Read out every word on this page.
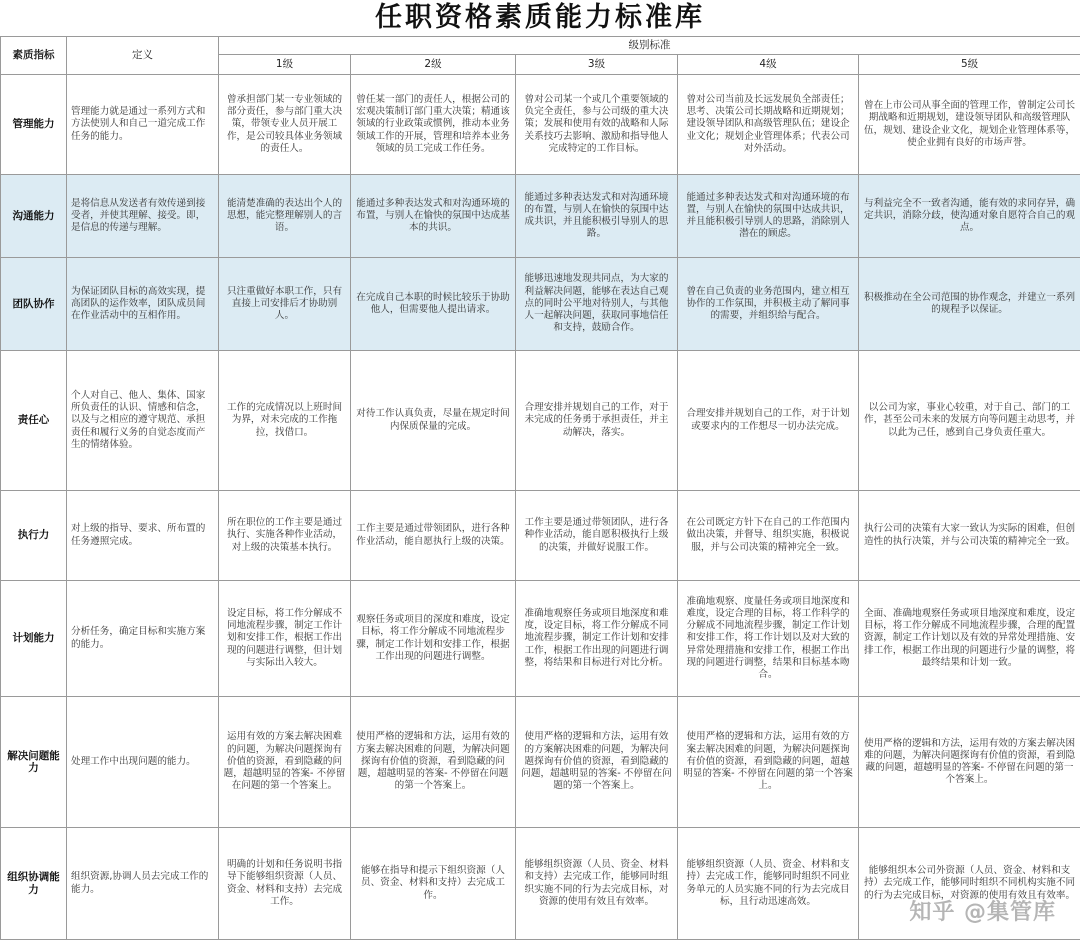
任职资格素质能力标准库
素质指标	定义	级别标准				
		1级	2级	3级	4级	5级
管理能力	管理能力就是通过一系列方式和方法使别人和自己一道完成工作任务的能力。	曾承担部门某一专业领域的部分责任，参与部门重大决策，带领专业人员开展工作，是公司较具体业务领域的责任人。	曾任某一部门的责任人，根据公司的宏观决策制订部门重大决策；精通该领域的行业政策或惯例，推动本业务领域工作的开展，管理和培养本业务领域的员工完成工作任务。	曾对公司某一个或几个重要领域的负完全责任，参与公司级的重大决策；发展和使用有效的战略和人际关系技巧去影响、激励和指导他人完成特定的工作目标。	曾对公司当前及长远发展负全部责任；思考、决策公司长期战略和近期规划；建设领导团队和高级管理队伍；建设企业文化；规划企业管理体系；代表公司对外活动。	曾在上市公司从事全面的管理工作，曾制定公司长期战略和近期规划，建设领导团队和高级管理队伍，规划、建设企业文化，规划企业管理体系等，使企业拥有良好的市场声誉。
沟通能力	是将信息从发送者有效传递到接受者，并使其理解、接受。即，是信息的传递与理解。	能清楚准确的表达出个人的思想，能完整理解别人的言语。	能通过多种表达发式和对沟通环境的布置，与别人在愉快的氛围中达成基本的共识。	能通过多种表达发式和对沟通环境的布置，与别人在愉快的氛围中达成共识，并且能积极引导别人的思路。	能通过多种表达发式和对沟通环境的布置，与别人在愉快的氛围中达成共识，并且能积极引导别人的思路，消除别人潜在的顾虑。	与利益完全不一致者沟通，能有效的求同存异，确定共识，消除分歧，使沟通对象自愿符合自己的观点。
团队协作	为保证团队目标的高效实现，提高团队的运作效率，团队成员间在作业活动中的互相作用。	只注重做好本职工作，只有直接上司安排后才协助别人。	在完成自己本职的时候比较乐于协助他人，但需要他人提出请求。	能够迅速地发现共同点，为大家的利益解决问题，能够在表达自己观点的同时公平地对待别人，与其他人一起解决问题，获取同事地信任和支持，鼓励合作。	曾在自己负责的业务范围内，建立相互协作的工作氛围，并积极主动了解同事的需要，并组织给与配合。	积极推动在全公司范围的协作观念，并建立一系列的规程予以保证。
责任心	个人对自己、他人、集体、国家所负责任的认识、情感和信念，以及与之相应的遵守规范、承担责任和履行义务的自觉态度而产生的情绪体验。	工作的完成情况以上班时间为界，对未完成的工作拖拉，找借口。	对待工作认真负责，尽量在规定时间内保质保量的完成。	合理安排并规划自己的工作，对于未完成的任务勇于承担责任，并主动解决，落实。	合理安排并规划自己的工作，对于计划或要求内的工作想尽一切办法完成。	以公司为家，事业心较重，对于自己、部门的工作，甚至公司未来的发展方向等问题主动思考，并以此为己任，感到自己身负责任重大。
执行力	对上级的指导、要求、所布置的任务遵照完成。	所在职位的工作主要是通过执行、实施各种作业活动，对上级的决策基本执行。	工作主要是通过带领团队，进行各种作业活动，能自愿执行上级的决策。	工作主要是通过带领团队，进行各种作业活动，能自愿积极执行上级的决策，并做好说服工作。	在公司既定方针下在自己的工作范围内做出决策，并督导、组织实施，积极说服，并与公司决策的精神完全一致。	执行公司的决策有大家一致认为实际的困难，但创造性的执行决策，并与公司决策的精神完全一致。
计划能力	分析任务，确定目标和实施方案的能力。	设定目标，将工作分解成不同地流程步骤，制定工作计划和安排工作，根据工作出现的问题进行调整，但计划与实际出入较大。	观察任务或项目的深度和难度，设定目标，将工作分解成不同地流程步骤，制定工作计划和安排工作，根据工作出现的问题进行调整。	准确地观察任务或项目地深度和难度，设定目标，将工作分解成不同地流程步骤，制定工作计划和安排工作，根据工作出现的问题进行调整，将结果和目标进行对比分析。	准确地观察、度量任务或项目地深度和难度，设定合理的目标，将工作科学的分解成不同地流程步骤，制定工作计划和安排工作，将工作计划以及对大致的异常处理措施和安排工作，根据工作出现的问题进行调整，结果和目标基本吻合。	全面、准确地观察任务或项目地深度和难度，设定目标，将工作分解成不同地流程步骤，合理的配置资源，制定工作计划以及有效的异常处理措施、安排工作，根据工作出现的问题进行少量的调整，将最终结果和计划一致。
解决问题能力	处理工作中出现问题的能力。	运用有效的方案去解决困难的问题，为解决问题探询有价值的资源，看到隐藏的问题，超越明显的答案- 不停留在问题的第一个答案上。	使用严格的逻辑和方法，运用有效的方案去解决困难的问题，为解决问题探询有价值的资源，看到隐藏的问题，超越明显的答案- 不停留在问题的第一个答案上。	使用严格的逻辑和方法，运用有效的方案解决困难的问题，为解决问题探询有价值的资源，看到隐藏的问题，超越明显的答案- 不停留在问题的第一个答案上。	使用严格的逻辑和方法，运用有效的方案去解决困难的问题，为解决问题探询有价值的资源，看到隐藏的问题，超越明显的答案- 不停留在问题的第一个答案上。	使用严格的逻辑和方法，运用有效的方案去解决困难的问题，为解决问题探询有价值的资源，看到隐藏的问题，超越明显的答案- 不停留在问题的第一个答案上。
组织协调能力	组织资源,协调人员去完成工作的能力。	明确的计划和任务说明书指导下能够组织资源（人员、资金、材料和支持）去完成工作。	能够在指导和提示下组织资源（人员、资金、材料和支持）去完成工作。	能够组织资源（人员、资金、材料和支持）去完成工作，能够同时组织实施不同的行为去完成目标，对资源的使用有效且有效率。	能够组织资源（人员、资金、材料和支持）去完成工作，能够同时组织不同业务单元的人员实施不同的行为去完成目标，且行动迅速高效。	能够组织本公司外资源（人员、资金、材料和支持）去完成工作，能够同时组织不同机构实施不同的行为去完成目标，对资源的使用有效且有效率。
知乎 @集管库
